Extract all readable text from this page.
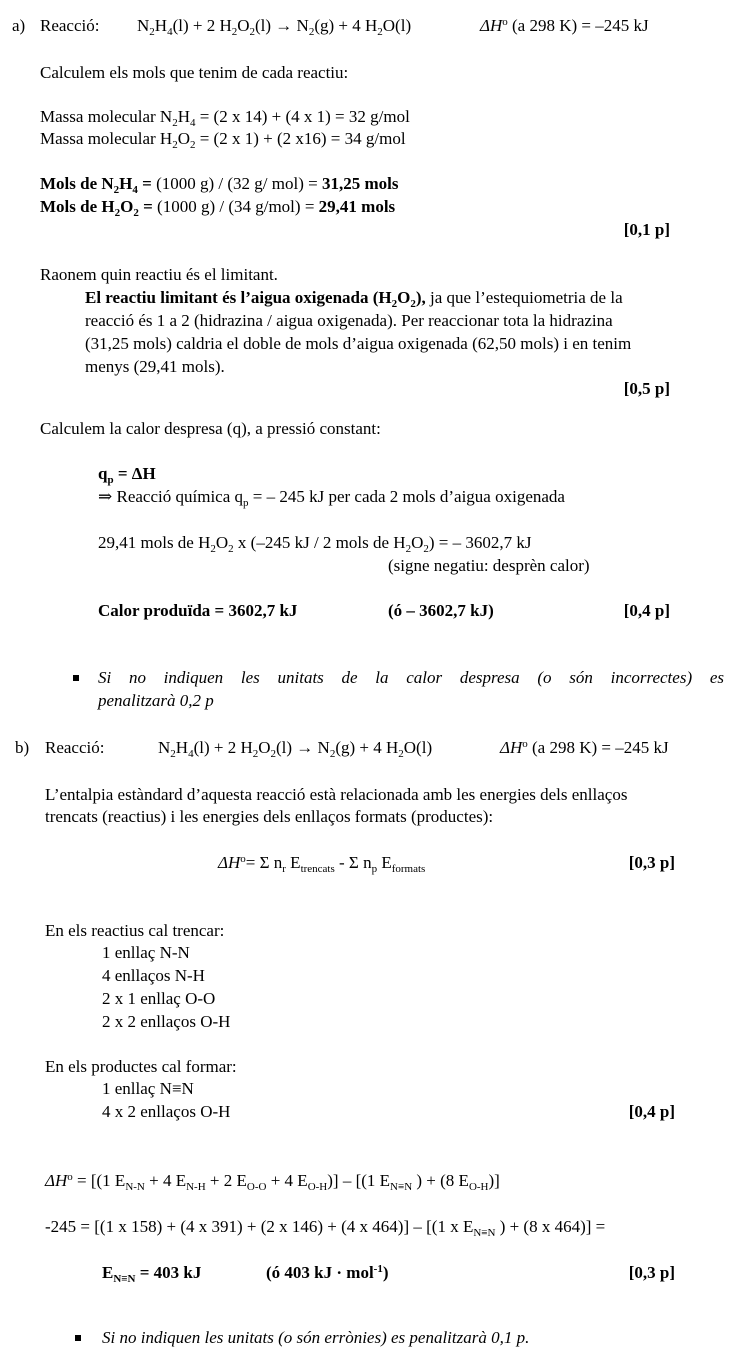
a) Reacció: $N_2H_4(l) + 2$ $H_2O_2(l) \to N_2(g) + 4$ $H_2O(l)$	$\Delta H^o$ (a 298 K) = –245 kJ
Calculem els mols que tenim de cada reactiu:
Massa molecular $N_2H_4 = (2$ x 14) + (4 x 1) = 32 g/mol
Massa molecular $H_2O_2 = (2$ x 1) + (2 x16) = 34 g/mol
Mols de $N_2H_4 = (1000$ g) / (32 g/ mol) = 31,25 mols
Mols de $H_2O_2 = (1000$ g) / (34 g/mol) = 29,41 mols
[0,1 p]
Raonem quin reactiu és el limitant.
El reactiu limitant és l’aigua oxigenada $(H_2O_2)$, ja que l’estequiometria de la
reacció és 1 a 2 (hidrazina / aigua oxigenada). Per reaccionar tota la hidrazina
(31,25 mols) caldria el doble de mols d’aigua oxigenada (62,50 mols) i en tenim
menys (29,41 mols).
[0,5 p]
Calculem la calor despresa (q), a pressió constant:
$q_p = \Delta H$
⇒ Reacció química $q_p$ = – 245 kJ per cada 2 mols d’aigua oxigenada
29,41 mols de $H_2O_2$ x (–245 kJ / 2 mols de $H_2O_2$) = – 3602,7 kJ
(signe negatiu: desprèn calor)
Calor produïda = 3602,7 kJ	(ó – 3602,7 kJ)	[0,4 p]
Si no indiquen les unitats de la calor despresa (o són incorrectes) es
penalitzarà 0,2 p
b) Reacció:	$N_2H_4(l) + 2$ $H_2O_2(l) \to N_2(g) + 4$ $H_2O(l)$	$\Delta H^o$ (a 298 K) = –245 kJ
L’entalpia estàndard d’aquesta reacció està relacionada amb les energies dels enllaços
trencats (reactius) i les energies dels enllaços formats (productes):
$\Delta H^o= \Sigma$ $n_r$ $E_{trencats}$ - Σ $n_p$ $E_{formats}$	[0,3 p]
En els reactius cal trencar:
1 enllaç N-N
4 enllaços N-H
2 x 1 enllaç O-O
2 x 2 enllaços O-H
En els productes cal formar:
1 enllaç N≡N
4 x 2 enllaços O-H	[0,4 p]
$\Delta H^o = [(1$ $E_{N-N} + 4$ $E_{N-H} + 2$ $E_{O-O} + 4$ $E_{O-H})] - [(1$ $E_{N\equiv N}$ ) + (8 $E_{O-H}$)]
-245 = [(1 x 158) + (4 x 391) + (2 x 146) + (4 x 464)] – [(1 x $E_{N\equiv N}$ ) + (8 x 464)] =
$E_{N\equiv N} = 403$ kJ	(ó 403 kJ · mol$^{-1}$)	[0,3 p]
Si no indiquen les unitats (o són errònies) es penalitzarà 0,1 p.
